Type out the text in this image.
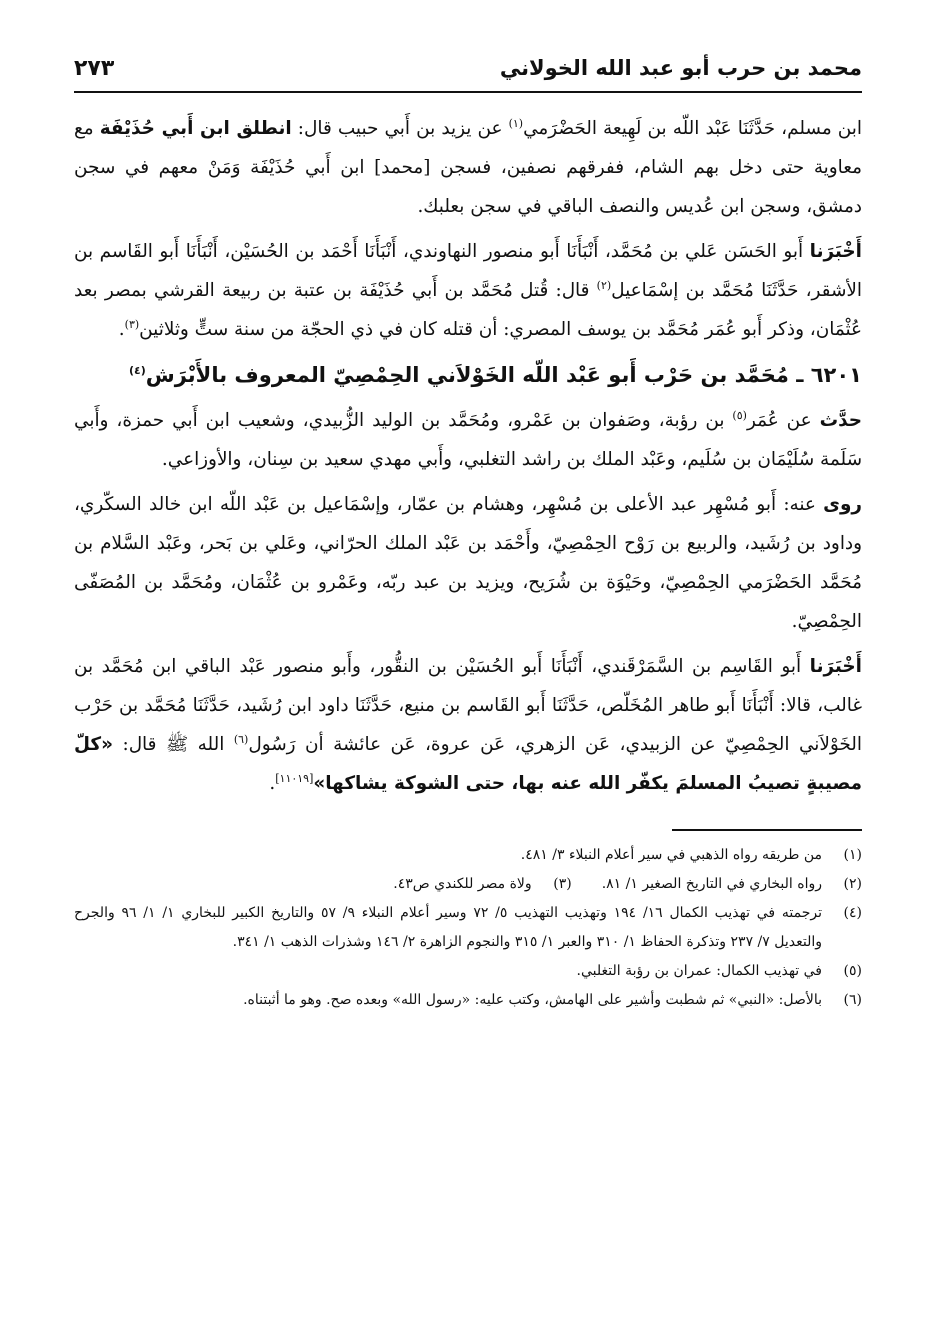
محمد بن حرب أبو عبد الله الخولاني
٢٧٣

ابن مسلم، حَدَّثَنَا عَبْد اللّه بن لَهِيعة الحَضْرَمي$^{(١)}$ عن يزيد بن أَبي حبيب قال: انطلق ابن أَبي حُذَيْفَة مع معاوية حتى دخل بهم الشام، ففرقهم نصفين، فسجن [محمد] ابن أَبي حُذَيْفَة وَمَنْ معهم في سجن دمشق، وسجن ابن عُديس والنصف الباقي في سجن بعلبك.

أَخْبَرَنا أَبو الحَسَن عَلي بن مُحَمَّد، أَنْبَأَنَا أَبو منصور النهاوندي، أَنْبَأَنَا أَحْمَد بن الحُسَيْن، أَنْبَأَنَا أَبو القَاسم بن الأشقر، حَدَّثَنَا مُحَمَّد بن إسْمَاعيل$^{(٢)}$ قال: قُتل مُحَمَّد بن أَبي حُذَيْفَة بن عتبة بن ربيعة القرشي بمصر بعد عُثْمَان، وذكر أَبو عُمَر مُحَمَّد بن يوسف المصري: أن قتله كان في ذي الحجّة من سنة ستٍّ وثلاثين$^{(٣)}$.

٦٢٠١ ـ مُحَمَّد بن حَرْب أَبو عَبْد اللّه الخَوْلاَني الحِمْصِيّ المعروف بالأَبْرَش$^{(٤)}$

حدَّث عن عُمَر$^{(٥)}$ بن رؤبة، وصَفوان بن عَمْرو، ومُحَمَّد بن الوليد الزُّبيدي، وشعيب ابن أَبي حمزة، وأَبي سَلَمة سُلَيْمَان بن سُلَيم، وعَبْد الملك بن راشد التغلبي، وأَبي مهدي سعيد بن سِنان، والأوزاعي.

روى عنه: أَبو مُسْهِر عبد الأعلى بن مُسْهِر، وهشام بن عمّار، وإسْمَاعيل بن عَبْد اللّه ابن خالد السكّري، وداود بن رُشَيد، والربيع بن رَوْح الحِمْصِيّ، وأَحْمَد بن عَبْد الملك الحرّاني، وعَلي بن بَحر، وعَبْد السَّلام بن مُحَمَّد الحَضْرَمي الحِمْصِيّ، وحَيْوَة بن شُرَيح، ويزيد بن عبد ربّه، وعَمْرو بن عُثْمَان، ومُحَمَّد بن المُصَفّى الحِمْصِيّ.

أَخْبَرَنا أَبو القَاسِم بن السَّمَرْقَندي، أَنْبَأَنَا أَبو الحُسَيْن بن النقُّور، وأَبو منصور عَبْد الباقي ابن مُحَمَّد بن غالب، قالا: أَنْبَأَنَا أَبو طاهر المُخَلّص، حَدَّثَنَا أَبو القَاسم بن منيع، حَدَّثَنَا داود ابن رُشَيد، حَدَّثَنَا مُحَمَّد بن حَرْب الخَوْلاَني الحِمْصِيّ عن الزبيدي، عَن الزهري، عَن عروة، عَن عائشة أن رَسُول$^{(٦)}$ الله ﷺ قال: «كلّ مصيبةٍ تصيبُ المسلمَ يكفّر الله عنه بها، حتى الشوكة يشاكها»[١١٠١٩].

(١)
من طريقه رواه الذهبي في سير أعلام النبلاء ٣/ ٤٨١.
(٢)
رواه البخاري في التاريخ الصغير ١/ ٨١.
(٣)
ولاة مصر للكندي ص٤٣.
(٤)
ترجمته في تهذيب الكمال ١٦/ ١٩٤ وتهذيب التهذيب ٥/ ٧٢ وسير أعلام النبلاء ٩/ ٥٧ والتاريخ الكبير للبخاري ١/ ١/ ٩٦ والجرح والتعديل ٧/ ٢٣٧ وتذكرة الحفاظ ١/ ٣١٠ والعبر ١/ ٣١٥ والنجوم الزاهرة ٢/ ١٤٦ وشذرات الذهب ١/ ٣٤١.
(٥)
في تهذيب الكمال: عمران بن رؤبة التغلبي.
(٦)
بالأصل: «النبي» ثم شطبت وأشير على الهامش، وكتب عليه: «رسول الله» وبعده صح. وهو ما أثبتناه.
